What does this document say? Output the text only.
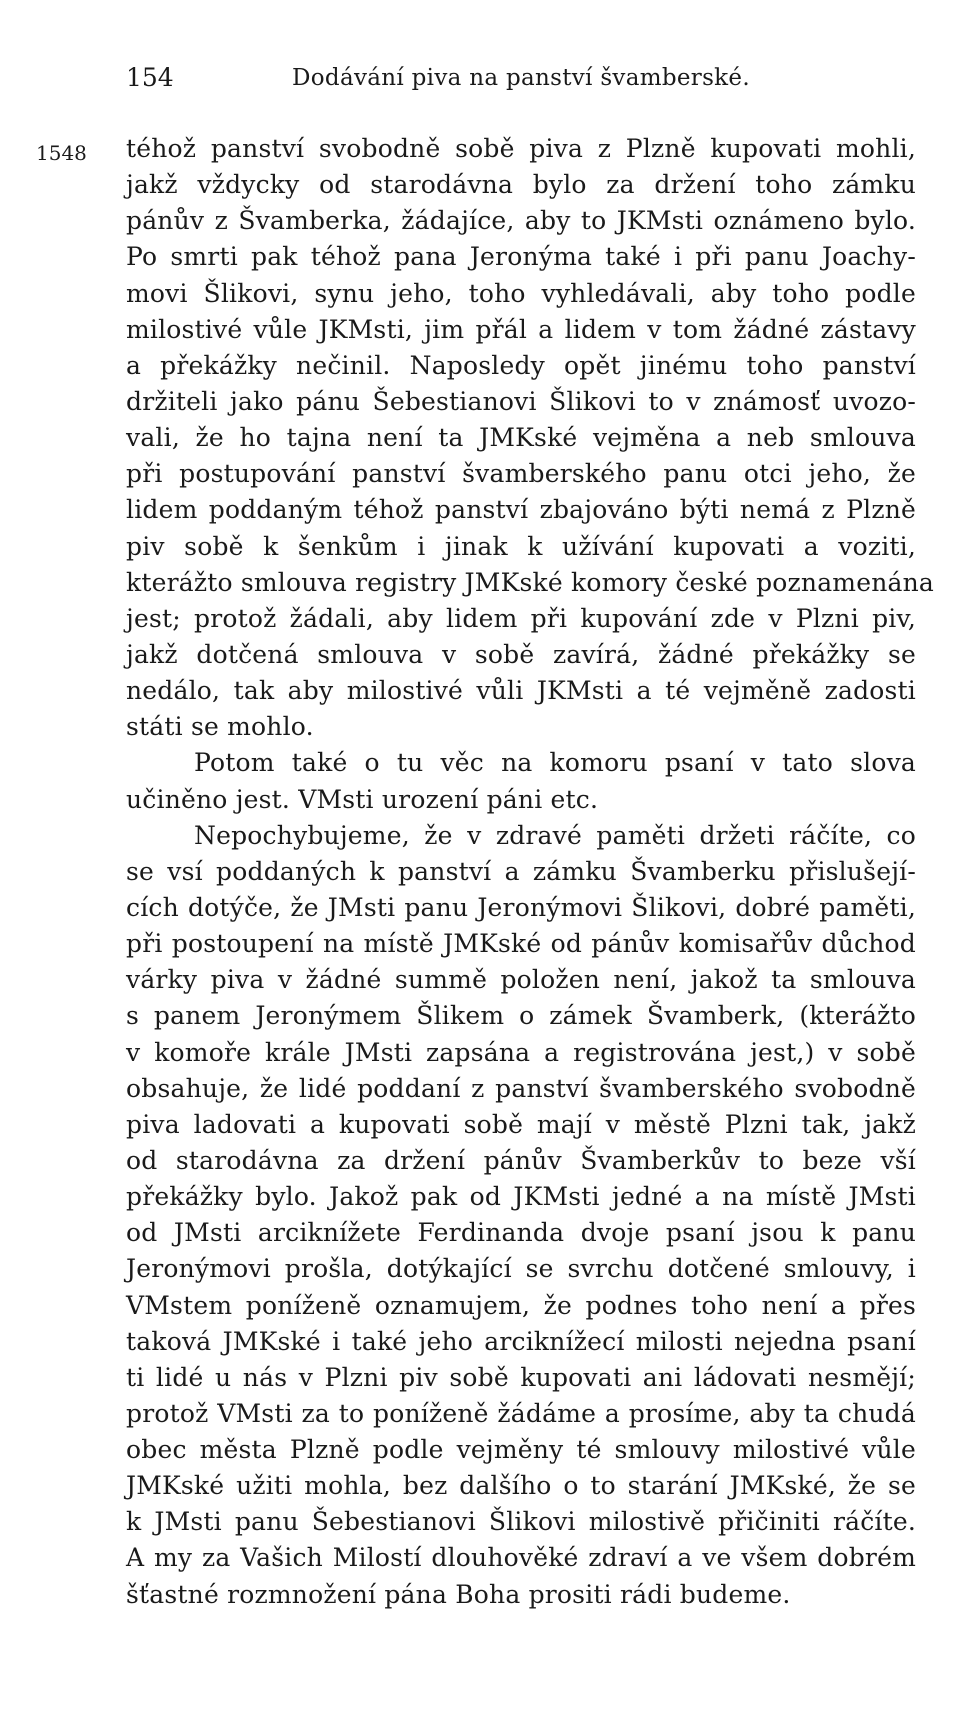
154	Dodávání piva na panství švamberské.
1548 téhož panství svobodně sobě piva z Plzně kupovati mohli,
jakž vždycky od starodávna bylo za držení toho zámku
pánův z Švamberka, žádajíce, aby to JKMsti oznámeno bylo.
Po smrti pak téhož pana Jeronýma také i při panu Joachy-
movi Šlikovi, synu jeho, toho vyhledávali, aby toho podle
milostivé vůle JKMsti, jim přál a lidem v tom žádné zástavy
a překážky nečinil. Naposledy opět jinému toho panství
držiteli jako pánu Šebestianovi Šlikovi to v známosť uvozo-
vali, že ho tajna není ta JMKské vejměna a neb smlouva
při postupování panství švamberského panu otci jeho, že
lidem poddaným téhož panství zbajováno býti nemá z Plzně
piv sobě k šenkům i jinak k užívání kupovati a voziti,
kterážto smlouva registry JMKské komory české poznamenána
jest; protož žádali, aby lidem při kupování zde v Plzni piv,
jakž dotčená smlouva v sobě zavírá, žádné překážky se
nedálo, tak aby milostivé vůli JKMsti a té vejměně zadosti
státi se mohlo.
Potom také o tu věc na komoru psaní v tato slova
učiněno jest. VMsti urození páni etc.
Nepochybujeme, že v zdravé paměti držeti ráčíte, co
se vsí poddaných k panství a zámku Švamberku přislušejí-
cích dotýče, že JMsti panu Jeronýmovi Šlikovi, dobré paměti,
při postoupení na místě JMKské od pánův komisařův důchod
várky piva v žádné summě položen není, jakož ta smlouva
s panem Jeronýmem Šlikem o zámek Švamberk, (kterážto
v komoře krále JMsti zapsána a registrována jest,) v sobě
obsahuje, že lidé poddaní z panství švamberského svobodně
piva ladovati a kupovati sobě mají v městě Plzni tak, jakž
od starodávna za držení pánův Švamberkův to beze vší
překážky bylo. Jakož pak od JKMsti jedné a na místě JMsti
od JMsti arciknížete Ferdinanda dvoje psaní jsou k panu
Jeronýmovi prošla, dotýkající se svrchu dotčené smlouvy, i
VMstem poníženě oznamujem, že podnes toho není a přes
taková JMKské i také jeho arciknížecí milosti nejedna psaní
ti lidé u nás v Plzni piv sobě kupovati ani ládovati nesmějí;
protož VMsti za to poníženě žádáme a prosíme, aby ta chudá
obec města Plzně podle vejměny té smlouvy milostivé vůle
JMKské užiti mohla, bez dalšího o to starání JMKské, že se
k JMsti panu Šebestianovi Šlikovi milostivě přičiniti ráčíte.
A my za Vašich Milostí dlouhověké zdraví a ve všem dobrém
šťastné rozmnožení pána Boha prositi rádi budeme.
